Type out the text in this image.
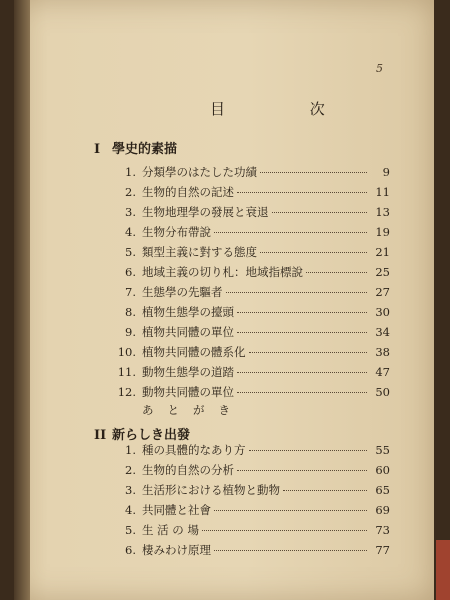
5
目 次
I 學史的素描
1. 分類學のはたした功績	9
2. 生物的自然の記述	11
3. 生物地理學の發展と衰退	13
4. 生物分布帶說	19
5. 類型主義に對する態度	21
6. 地域主義の切り札：地域指標說	25
7. 生態學の先驅者	27
8. 植物生態學の擡頭	30
9. 植物共同體の單位	34
10. 植物共同體の體系化	38
11. 動物生態學の道踏	47
12. 動物共同體の單位	50
あとがき
II 新らしき出發
1. 種の具體的なあり方	55
2. 生物的自然の分析	60
3. 生活形における植物と動物	65
4. 共同體と社會	69
5. 生 活 の 場	73
6. 棲みわけ原理	77
